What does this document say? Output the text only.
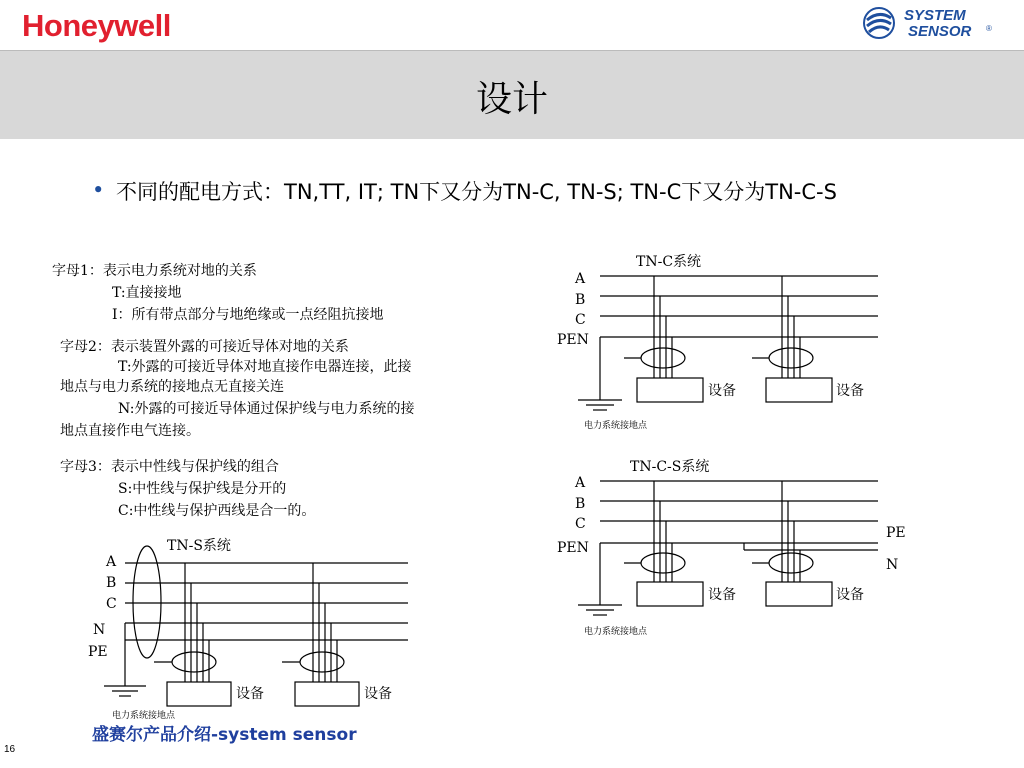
Honeywell	SYSTEM
SENSOR ®
设计
• 不同的配电方式：TN,TT, IT; TN下又分为TN-C, TN-S; TN-C下又分为TN-C-S
字母1：表示电力系统对地的关系
T:直接接地
I：所有带点部分与地绝缘或一点经阻抗接地
字母2：表示装置外露的可接近导体对地的关系
T:外露的可接近导体对地直接作电器连接，此接
地点与电力系统的接地点无直接关连
N:外露的可接近导体通过保护线与电力系统的接
地点直接作电气连接。
字母3：表示中性线与保护线的组合
S:中性线与保护线是分开的
C:中性线与保护西线是合一的。
TN-C系统
A
B
C
PEN
设备	设备
电力系统接地点
TN-C-S系统
A
B
C
PEN
PE
N
设备	设备
电力系统接地点
TN-S系统
A
B
C
N
PE
设备	设备
电力系统接地点
盛赛尔产品介绍-system sensor
16
